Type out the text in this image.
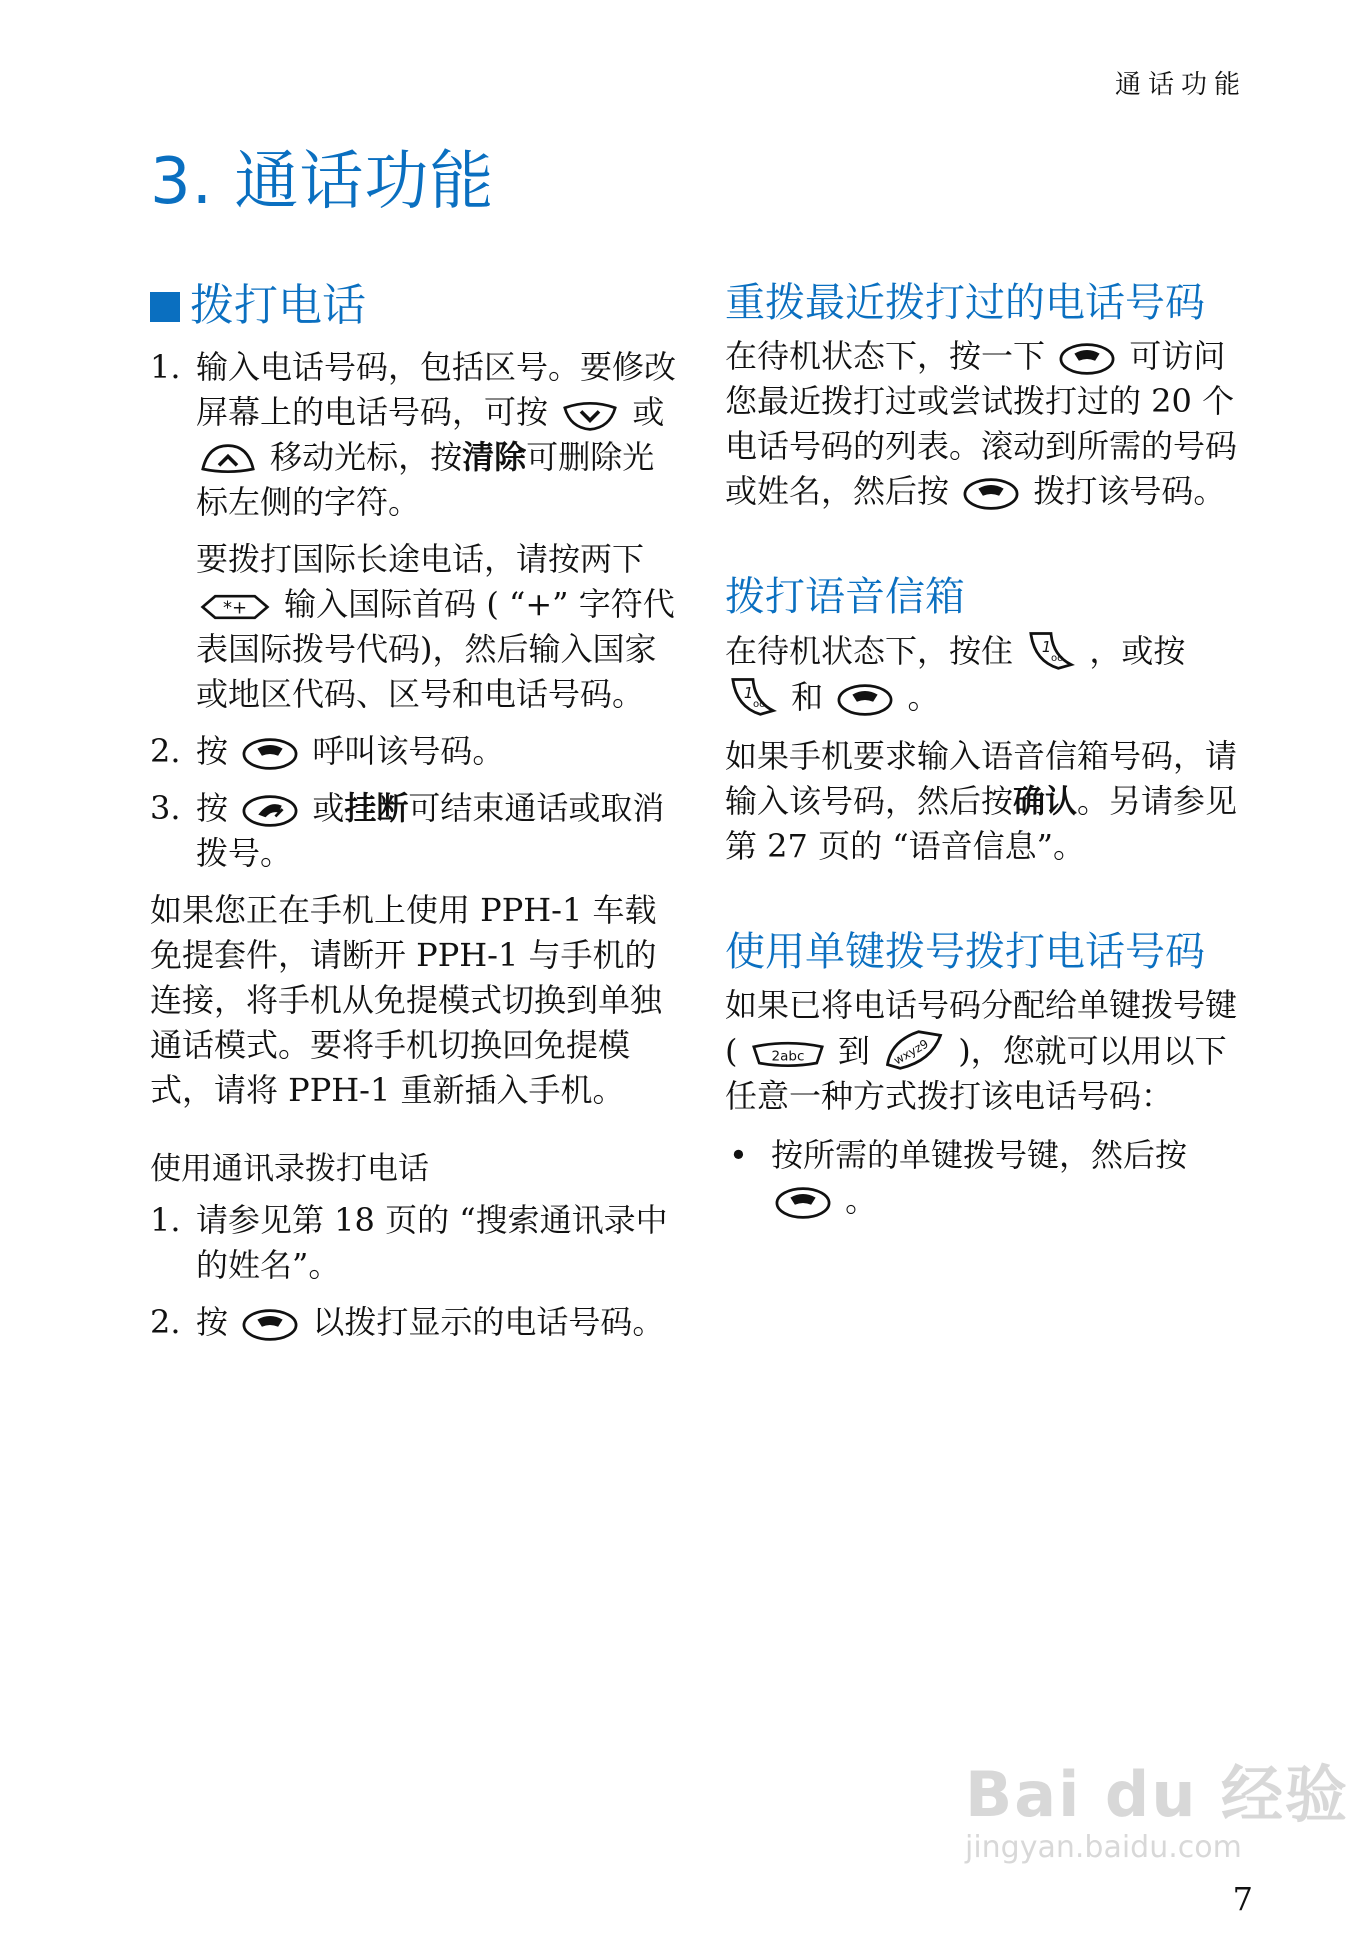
通话功能
3. 通话功能
拨打电话
1. 输入电话号码，包括区号。要修改屏幕上的电话号码，可按	或  移动光标，按清除可删除光标左侧的字符。

要拨打国际长途电话，请按两下  输入国际首码 ( “+” 字符代表国际拨号代码)，然后输入国家或地区代码、区号和电话号码。

2. 按	呼叫该号码。
3. 按	或挂断可结束通话或取消拨号。

如果您正在手机上使用 PPH-1 车载免提套件，请断开 PPH-1 与手机的连接，将手机从免提模式切换到单独通话模式。要将手机切换回免提模式，请将 PPH-1 重新插入手机。

使用通讯录拨打电话
1. 请参见第 18 页的 “搜索通讯录中的姓名”。
2. 按	以拨打显示的电话号码。
重拨最近拨打过的电话号码

在待机状态下，按一下	可访问您最近拨打过或尝试拨打过的 20 个电话号码的列表。滚动到所需的号码或姓名，然后按	拨打该号码。

拨打语音信箱

在待机状态下，按住 ，或按  和	。

如果手机要求输入语音信箱号码，请输入该号码，然后按确认。另请参见第 27 页的 “语音信息”。

使用单键拨号拨打电话号码

如果已将电话号码分配给单键拨号键 (	到	)，您就可以用以下任意一种方式拨打该电话号码：

• 按所需的单键拨号键，然后按  。
Bai du 经验
jingyan.baidu.com
7
